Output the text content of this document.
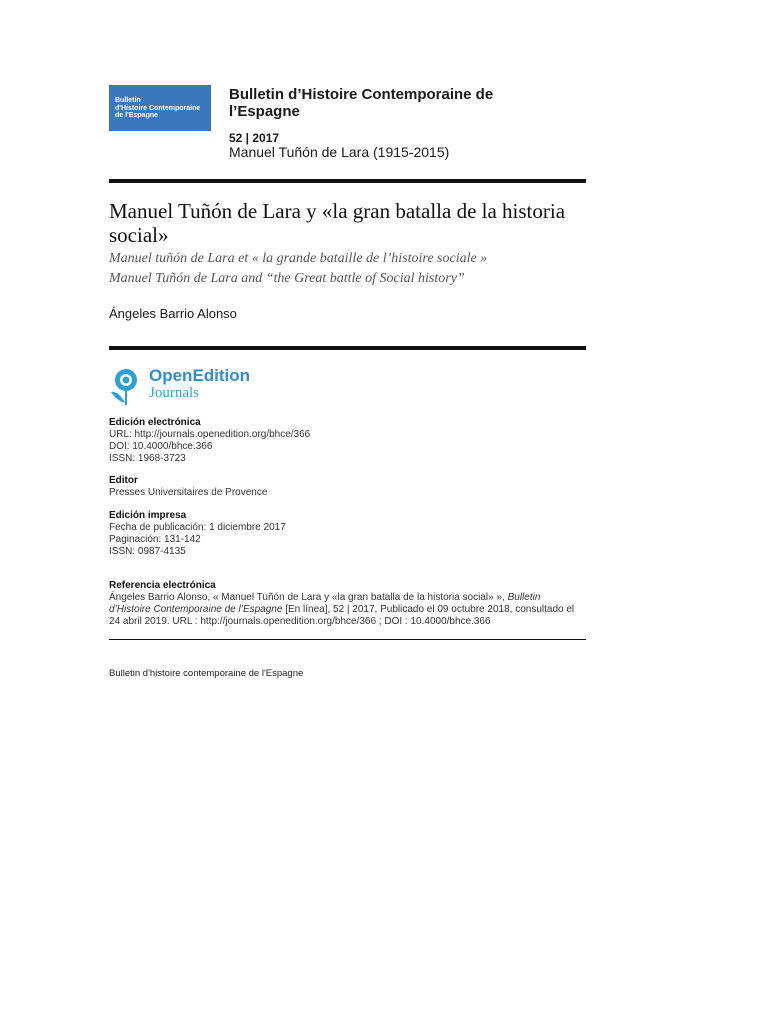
Bulletin
d'Histoire Contemporaine
de l'Espagne
Bulletin d’Histoire Contemporaine de l’Espagne
52 | 2017
Manuel Tuñón de Lara (1915-2015)
Manuel Tuñón de Lara y «la gran batalla de la historia social»
Manuel tuñón de Lara et « la grande bataille de l’histoire sociale »
Manuel Tuñón de Lara and “the Great battle of Social history”
Ángeles Barrio Alonso
OpenEdition
Journals
Edición electrónica
URL: http://journals.openedition.org/bhce/366
DOI: 10.4000/bhce.366
ISSN: 1968-3723
Editor
Presses Universitaires de Provence
Edición impresa
Fecha de publicación: 1 diciembre 2017
Paginación: 131-142
ISSN: 0987-4135
Referencia electrónica
Ángeles Barrio Alonso, « Manuel Tuñón de Lara y «la gran batalla de la historia social» », Bulletin
d’Histoire Contemporaine de l’Espagne [En línea], 52 | 2017, Publicado el 09 octubre 2018, consultado el
24 abril 2019. URL : http://journals.openedition.org/bhce/366 ; DOI : 10.4000/bhce.366
Bulletin d'histoire contemporaine de l'Espagne
